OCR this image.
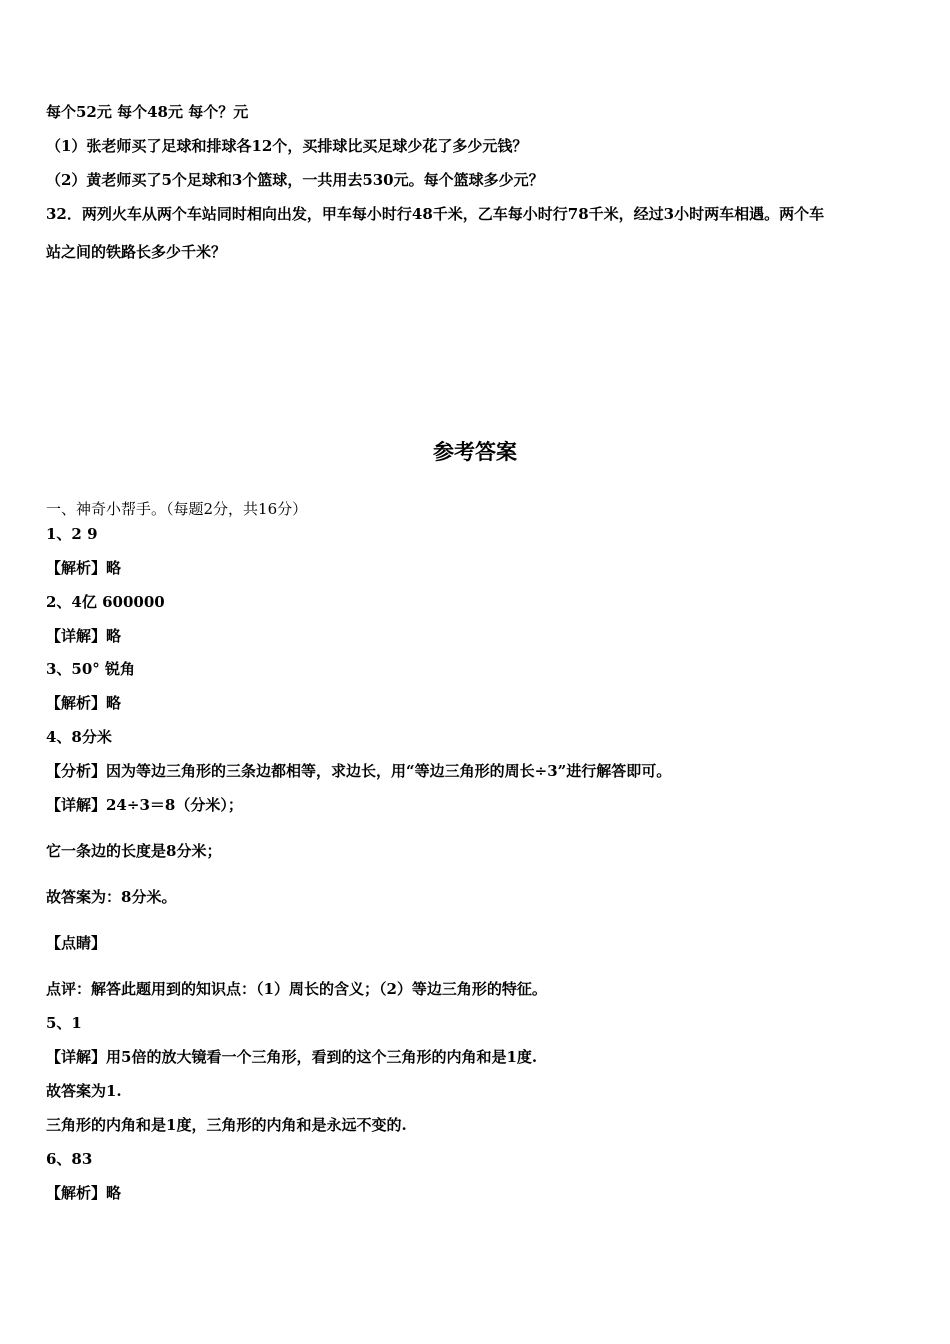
每个52元 每个48元 每个？元
（1）张老师买了足球和排球各12个，买排球比买足球少花了多少元钱？
（2）黄老师买了5个足球和3个篮球，一共用去530元。每个篮球多少元？
32．两列火车从两个车站同时相向出发，甲车每小时行48千米，乙车每小时行78千米，经过3小时两车相遇。两个车
站之间的铁路长多少千米？
参考答案
一、神奇小帮手。（每题2分，共16分）
1、2 9
【解析】略
2、4亿 600000
【详解】略
3、50° 锐角
【解析】略
4、8分米
【分析】因为等边三角形的三条边都相等，求边长，用“等边三角形的周长÷3”进行解答即可。
【详解】24÷3＝8（分米）；
它一条边的长度是8分米；
故答案为：8分米。
【点睛】
点评：解答此题用到的知识点：（1）周长的含义；（2）等边三角形的特征。
5、1
【详解】用5倍的放大镜看一个三角形，看到的这个三角形的内角和是1度.
故答案为1.
三角形的内角和是1度，三角形的内角和是永远不变的.
6、83
【解析】略
